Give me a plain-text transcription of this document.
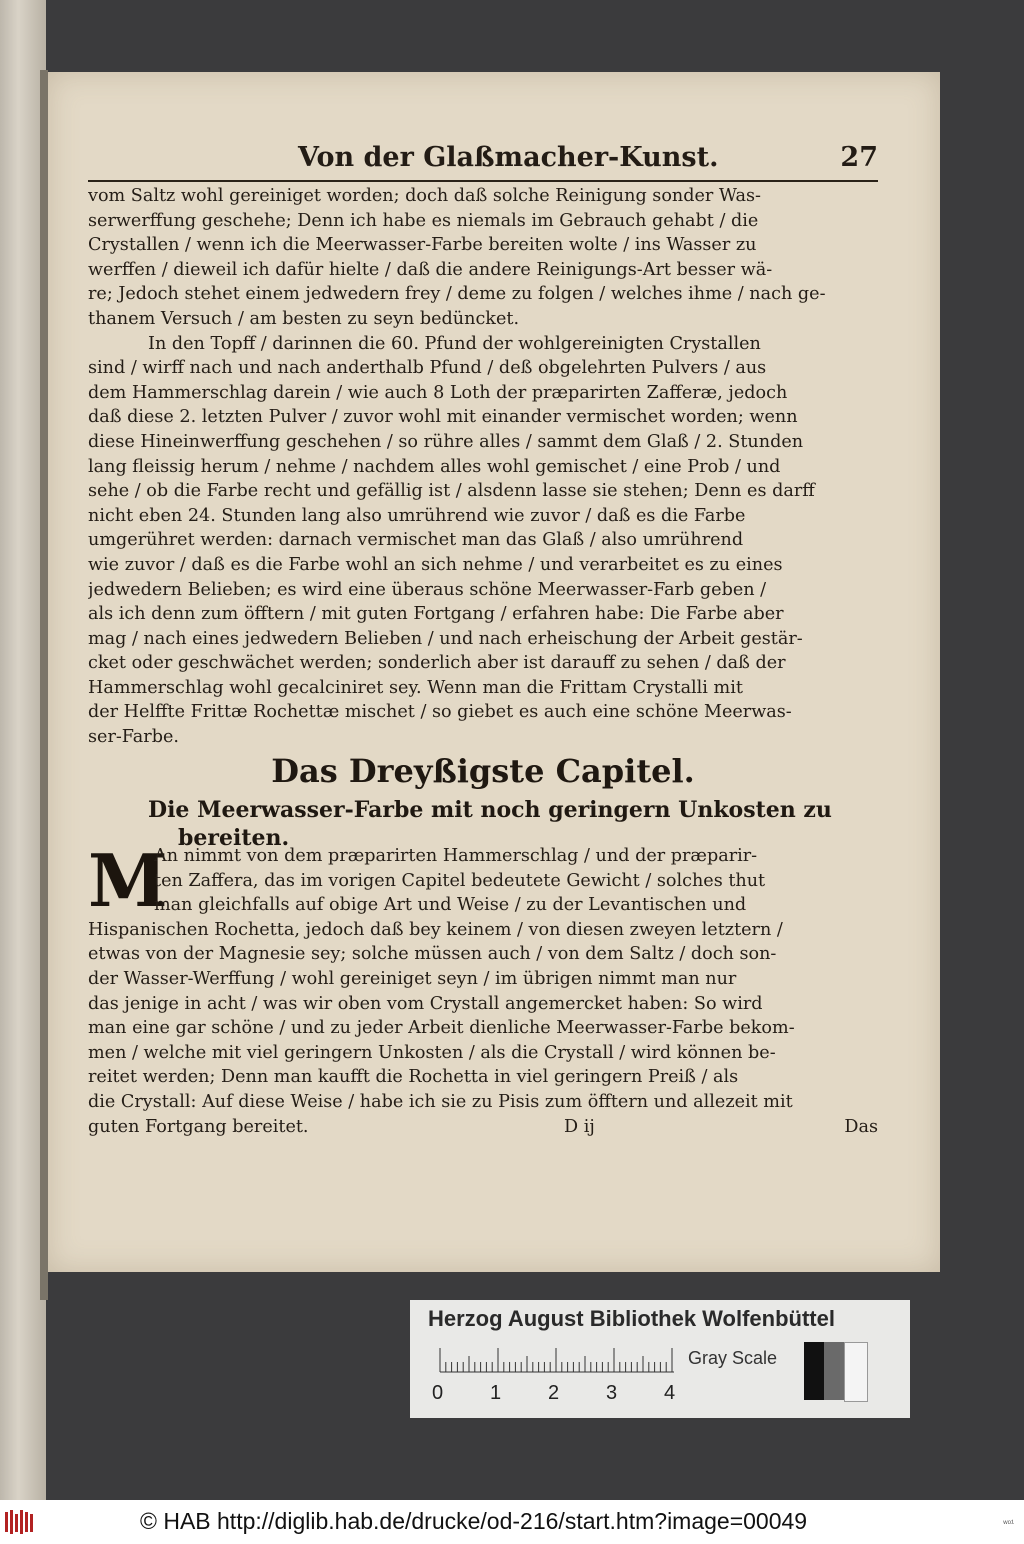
Von der Glaßmacher-Kunst.	27
vom Saltz wohl gereiniget worden; doch daß solche Reinigung sonder Was-
serwerffung geschehe; Denn ich habe es niemals im Gebrauch gehabt / die
Crystallen / wenn ich die Meerwasser-Farbe bereiten wolte / ins Wasser zu
werffen / dieweil ich dafür hielte / daß die andere Reinigungs-Art besser wä-
re; Jedoch stehet einem jedwedern frey / deme zu folgen / welches ihme / nach ge-
thanem Versuch / am besten zu seyn bedüncket.
In den Topff / darinnen die 60. Pfund der wohlgereinigten Crystallen
sind / wirff nach und nach anderthalb Pfund / deß obgelehrten Pulvers / aus
dem Hammerschlag darein / wie auch 8 Loth der præparirten Zafferæ, jedoch
daß diese 2. letzten Pulver / zuvor wohl mit einander vermischet worden; wenn
diese Hineinwerffung geschehen / so rühre alles / sammt dem Glaß / 2. Stunden
lang fleissig herum / nehme / nachdem alles wohl gemischet / eine Prob / und
sehe / ob die Farbe recht und gefällig ist / alsdenn lasse sie stehen; Denn es darff
nicht eben 24. Stunden lang also umrührend wie zuvor / daß es die Farbe
umgerühret werden: darnach vermischet man das Glaß / also umrührend
wie zuvor / daß es die Farbe wohl an sich nehme / und verarbeitet es zu eines
jedwedern Belieben; es wird eine überaus schöne Meerwasser-Farb geben /
als ich denn zum öfftern / mit guten Fortgang / erfahren habe: Die Farbe aber
mag / nach eines jedwedern Belieben / und nach erheischung der Arbeit gestär-
cket oder geschwächet werden; sonderlich aber ist darauff zu sehen / daß der
Hammerschlag wohl gecalciniret sey. Wenn man die Frittam Crystalli mit
der Helffte Frittæ Rochettæ mischet / so giebet es auch eine schöne Meerwas-
ser-Farbe.
Das Dreyßigste Capitel.
Die Meerwasser-Farbe mit noch geringern Unkosten zu
bereiten.
M
An nimmt von dem præparirten Hammerschlag / und der præparir-
ten Zaffera, das im vorigen Capitel bedeutete Gewicht / solches thut
man gleichfalls auf obige Art und Weise / zu der Levantischen und
Hispanischen Rochetta, jedoch daß bey keinem / von diesen zweyen letztern /
etwas von der Magnesie sey; solche müssen auch / von dem Saltz / doch son-
der Wasser-Werffung / wohl gereiniget seyn / im übrigen nimmt man nur
das jenige in acht / was wir oben vom Crystall angemercket haben: So wird
man eine gar schöne / und zu jeder Arbeit dienliche Meerwasser-Farbe bekom-
men / welche mit viel geringern Unkosten / als die Crystall / wird können be-
reitet werden; Denn man kaufft die Rochetta in viel geringern Preiß / als
die Crystall: Auf diese Weise / habe ich sie zu Pisis zum öfftern und allezeit mit
guten Fortgang bereitet.	D ij	Das
Herzog August Bibliothek Wolfenbüttel
0 1 2 3 4
Gray Scale
© HAB http://diglib.hab.de/drucke/od-216/start.htm?image=00049	ʷᵒ¹
